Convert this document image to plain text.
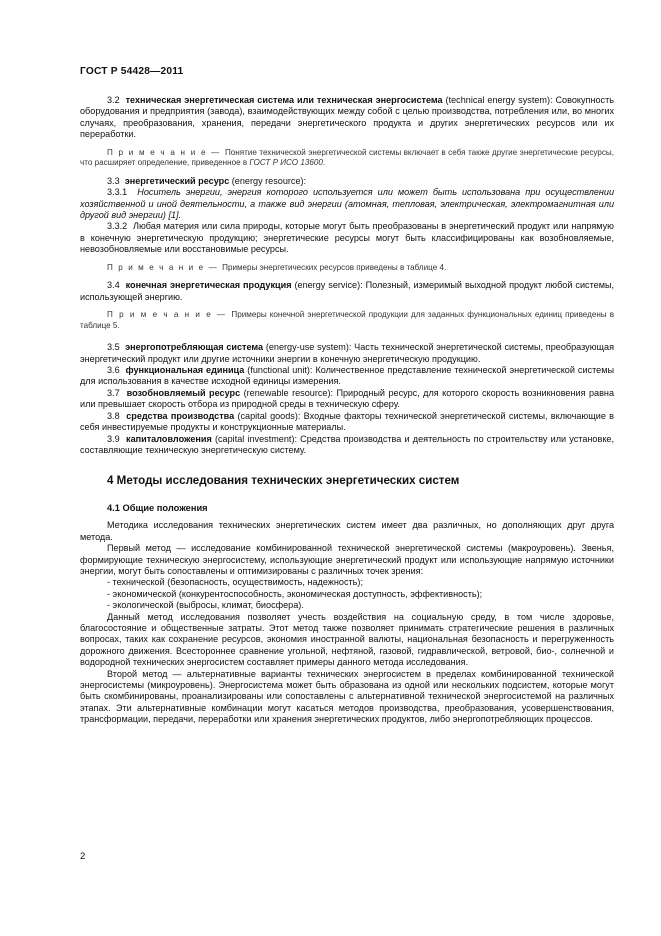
ГОСТ Р 54428—2011

3.2 техническая энергетическая система или техническая энергосистема (technical energy system): Совокупность оборудования и предприятия (завода), взаимодействующих между собой с целью производства, потребления или, во многих случаях, преобразования, хранения, передачи энергетического продукта и других энергетических ресурсов или их переработки.

П р и м е ч а н и е — Понятие технической энергетической системы включает в себя также другие энергетические ресурсы, что расширяет определение, приведенное в ГОСТ Р ИСО 13600.

3.3 энергетический ресурс (energy resource):

3.3.1 Носитель энергии, энергия которого используется или может быть использована при осуществлении хозяйственной и иной деятельности, а также вид энергии (атомная, тепловая, электрическая, электромагнитная или другой вид энергии) [1].

3.3.2 Любая материя или сила природы, которые могут быть преобразованы в энергетический продукт или напрямую в конечную энергетическую продукцию; энергетические ресурсы могут быть классифицированы как возобновляемые, невозобновляемые или восстановимые ресурсы.

П р и м е ч а н и е — Примеры энергетических ресурсов приведены в таблице 4.

3.4 конечная энергетическая продукция (energy service): Полезный, измеримый выходной продукт любой системы, использующей энергию.

П р и м е ч а н и е — Примеры конечной энергетической продукции для заданных функциональных единиц приведены в таблице 5.

3.5 энергопотребляющая система (energy-use system): Часть технической энергетической системы, преобразующая энергетический продукт или другие источники энергии в конечную энергетическую продукцию.

3.6 функциональная единица (functional unit): Количественное представление технической энергетической системы для использования в качестве исходной единицы измерения.

3.7 возобновляемый ресурс (renewable resource): Природный ресурс, для которого скорость возникновения равна или превышает скорость отбора из природной среды в техническую сферу.

3.8 средства производства (capital goods): Входные факторы технической энергетической системы, включающие в себя инвестируемые продукты и конструкционные материалы.

3.9 капиталовложения (capital investment): Средства производства и деятельность по строительству или установке, составляющие техническую энергетическую систему.

4 Методы исследования технических энергетических систем
4.1 Общие положения

Методика исследования технических энергетических систем имеет два различных, но дополняющих друг друга метода.

Первый метод — исследование комбинированной технической энергетической системы (макроуровень). Звенья, формирующие техническую энергосистему, использующие энергетический продукт или использующие напрямую источники энергии, могут быть сопоставлены и оптимизированы с различных точек зрения:

- технической (безопасность, осуществимость, надежность);

- экономической (конкурентоспособность, экономическая доступность, эффективность);

- экологической (выбросы, климат, биосфера).

Данный метод исследования позволяет учесть воздействия на социальную среду, в том числе здоровье, благосостояние и общественные затраты. Этот метод также позволяет принимать стратегические решения в различных вопросах, таких как сохранение ресурсов, экономия иностранной валюты, национальная безопасность и перегруженность дорожного движения. Всестороннее сравнение угольной, нефтяной, газовой, гидравлической, ветровой, био-, солнечной и водородной технических энергосистем составляет примеры данного метода исследования.

Второй метод — альтернативные варианты технических энергосистем в пределах комбинированной технической энергосистемы (микроуровень). Энергосистема может быть образована из одной или нескольких подсистем, которые могут быть скомбинированы, проанализированы или сопоставлены с альтернативной технической энергосистемой на различных этапах. Эти альтернативные комбинации могут касаться методов производства, преобразования, усовершенствования, трансформации, передачи, переработки или хранения энергетических продуктов, либо энергопотребляющих процессов.

2
